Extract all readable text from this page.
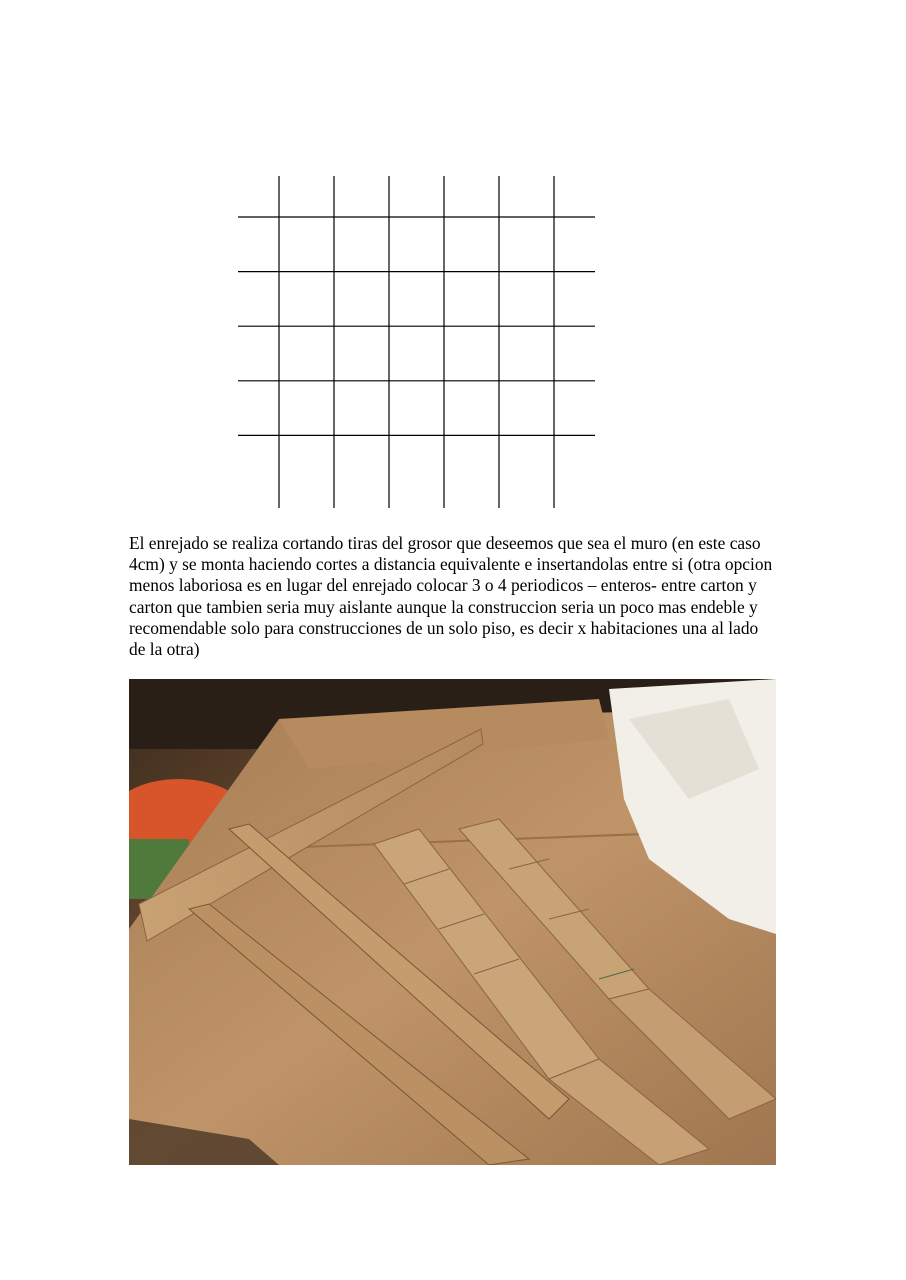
El enrejado se realiza cortando tiras del grosor que deseemos que sea el muro (en este caso 4cm) y se monta haciendo cortes a distancia equivalente e insertandolas entre si (otra opcion menos laboriosa es en lugar del enrejado colocar 3 o 4 periodicos – enteros- entre carton y carton que tambien seria muy aislante aunque la construccion seria un poco mas endeble y recomendable solo para construcciones de un solo piso, es decir x habitaciones una al lado de la otra)
